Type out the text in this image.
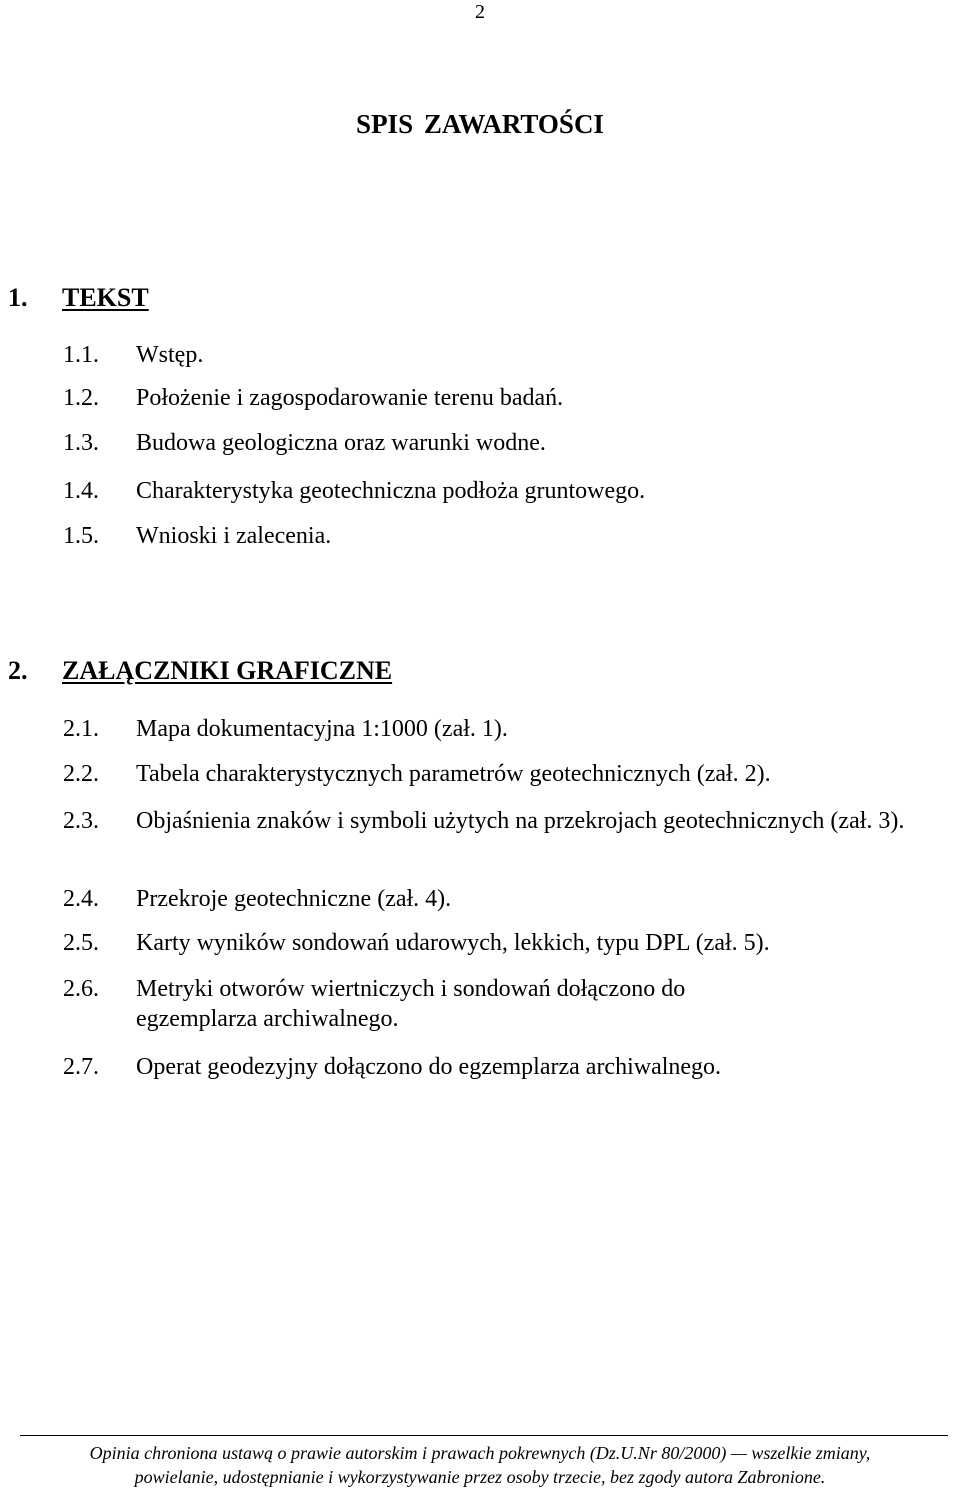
2
SPIS ZAWARTOŚCI
1. TEKST
1.1. Wstęp.
1.2. Położenie i zagospodarowanie terenu badań.
1.3. Budowa geologiczna oraz warunki wodne.
1.4. Charakterystyka geotechniczna podłoża gruntowego.
1.5. Wnioski i zalecenia.
2. ZAŁĄCZNIKI GRAFICZNE
2.1. Mapa dokumentacyjna 1:1000 (zał. 1).
2.2. Tabela charakterystycznych parametrów geotechnicznych (zał. 2).
2.3. Objaśnienia znaków i symboli użytych na przekrojach geotechnicznych (zał. 3).
2.4. Przekroje geotechniczne (zał. 4).
2.5. Karty wyników sondowań udarowych, lekkich, typu DPL (zał. 5).
2.6. Metryki otworów wiertniczych i sondowań dołączono do egzemplarza archiwalnego.
2.7. Operat geodezyjny dołączono do egzemplarza archiwalnego.
Opinia chroniona ustawą o prawie autorskim i prawach pokrewnych (Dz.U.Nr 80/2000) — wszelkie zmiany,
powielanie, udostępnianie i wykorzystywanie przez osoby trzecie, bez zgody autora Zabronione.
